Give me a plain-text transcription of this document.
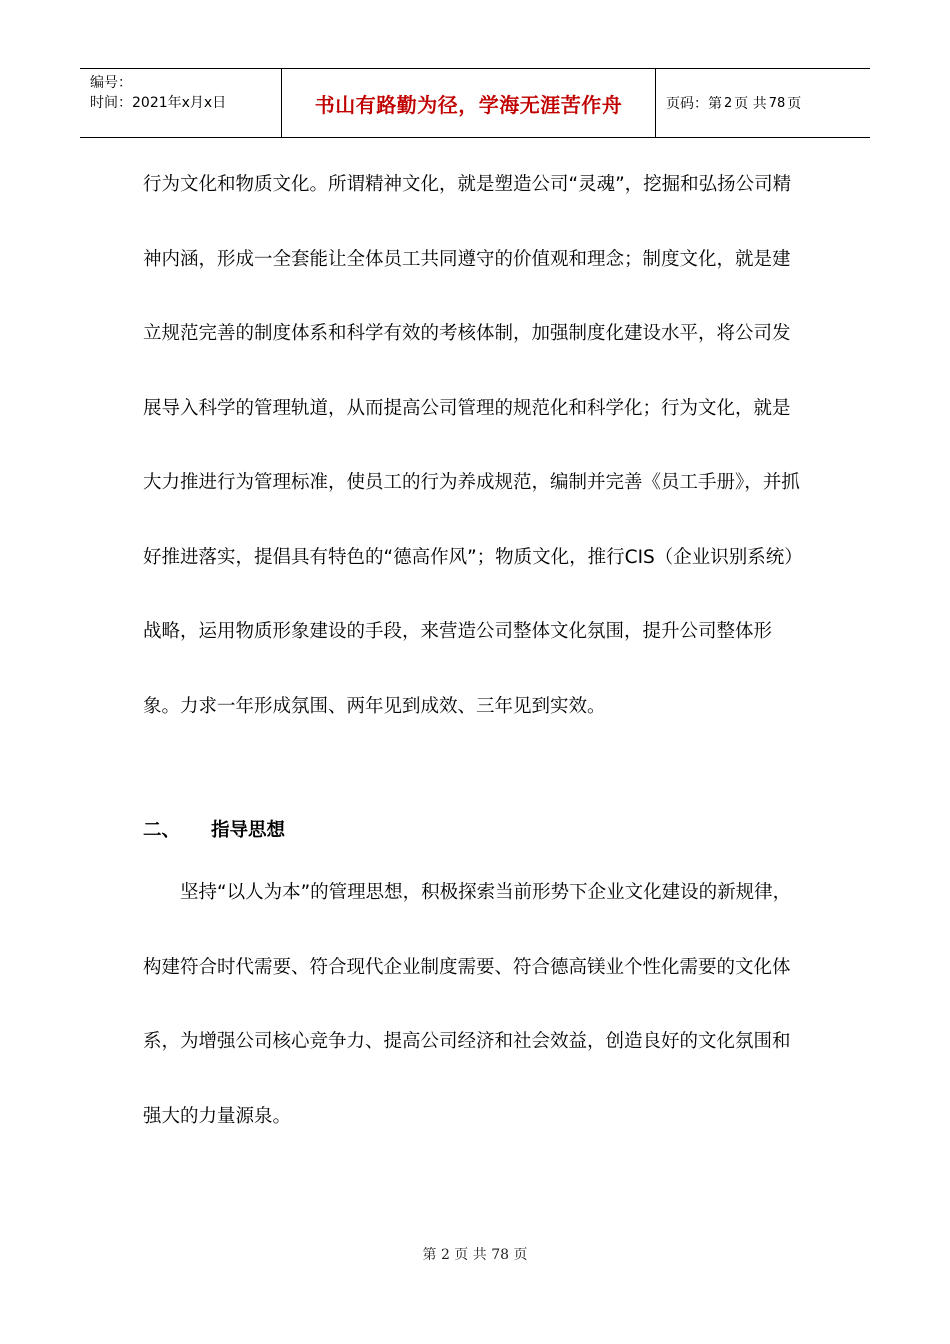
编号：
时间：2021年x月x日	书山有路勤为径，学海无涯苦作舟	页码：第 2 页 共 78 页

行为文化和物质文化。所谓精神文化，就是塑造公司“灵魂”，挖掘和弘扬公司精神内涵，形成一全套能让全体员工共同遵守的价值观和理念；制度文化，就是建立规范完善的制度体系和科学有效的考核体制，加强制度化建设水平，将公司发展导入科学的管理轨道，从而提高公司管理的规范化和科学化；行为文化，就是大力推进行为管理标准，使员工的行为养成规范，编制并完善《员工手册》，并抓好推进落实，提倡具有特色的“德高作风”；物质文化，推行CIS（企业识别系统）战略，运用物质形象建设的手段，来营造公司整体文化氛围，提升公司整体形象。力求一年形成氛围、两年见到成效、三年见到实效。

二、	指导思想

坚持“以人为本”的管理思想，积极探索当前形势下企业文化建设的新规律，构建符合时代需要、符合现代企业制度需要、符合德高镁业个性化需要的文化体系，为增强公司核心竞争力、提高公司经济和社会效益，创造良好的文化氛围和强大的力量源泉。

第 2 页 共 78 页
